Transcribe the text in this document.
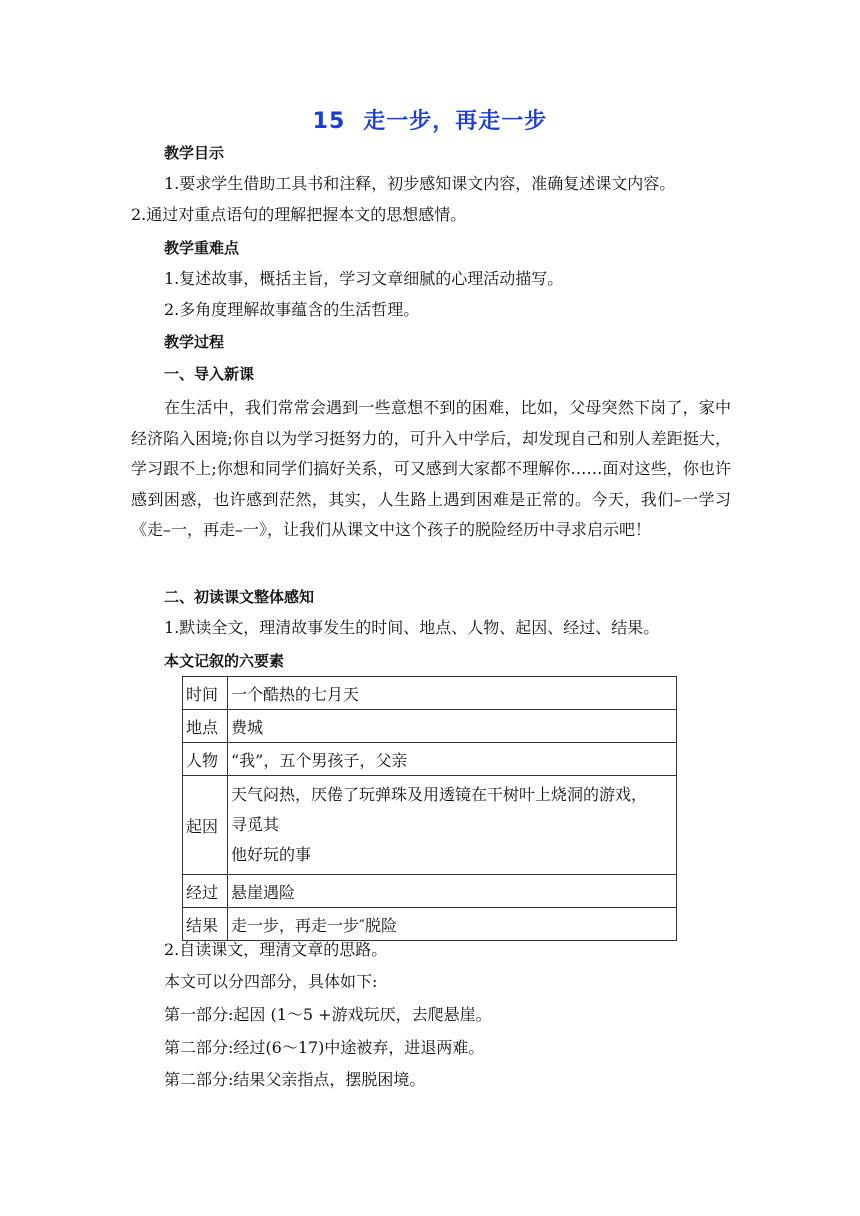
15 走一步，再走一步
教学目示
1.要求学生借助工具书和注释，初步感知课文内容，准确复述课文内容。
2.通过对重点语句的理解把握本文的思想感情。
教学重难点
1.复述故事，概括主旨，学习文章细腻的心理活动描写。
2.多角度理解故事蕴含的生活哲理。
教学过程
一、导入新课
在生活中，我们常常会遇到一些意想不到的困难，比如，父母突然下岗了，家中经济陷入困境;你自以为学习挺努力的，可升入中学后，却发现自己和别人差距挺大，学习跟不上;你想和同学们搞好关系，可又感到大家都不理解你……面对这些，你也许感到困惑，也许感到茫然，其实，人生路上遇到困难是正常的。今天，我们–一学习《走–一，再走–一》，让我们从课文中这个孩子的脱险经历中寻求启示吧！
二、初读课文整体感知
1.默读全文，理清故事发生的时间、地点、人物、起因、经过、结果。
本文记叙的六要素
时间	一个酷热的七月天
地点	费城
人物	“我”，五个男孩子，父亲
起因	天气闷热，厌倦了玩弹珠及用透镜在干树叶上烧洞的游戏，
寻觅其
他好玩的事

经过	悬崖遇险
结果	走一步，再走一步″脱险
2.自读课文，理清文章的思路。
本文可以分四部分，具体如下:
第一部分:起因 (1～5 +游戏玩厌，去爬悬崖。
第二部分:经过(6～17)中途被弃，进退两难。
第二部分:结果父亲指点，摆脱困境。
